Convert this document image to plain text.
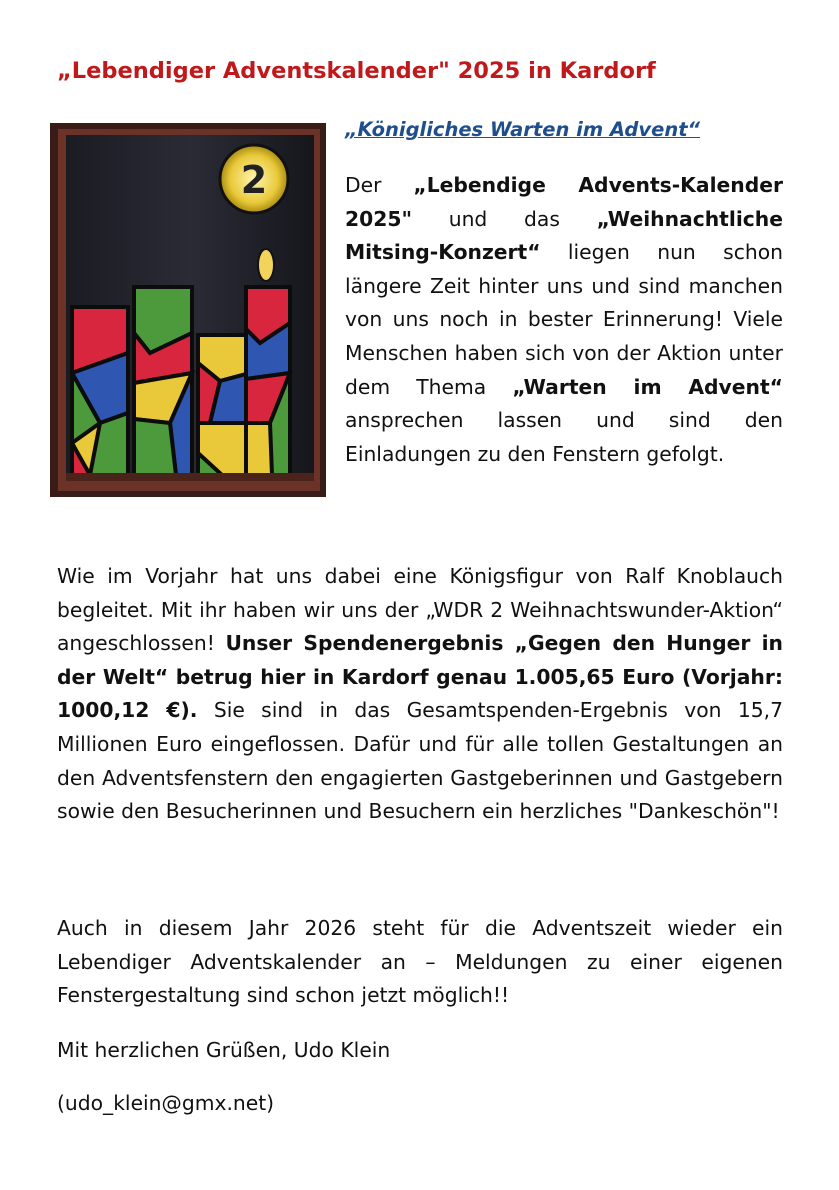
„Lebendiger Adventskalender" 2025 in Kardorf
2

„Königliches Warten im Advent“

Der „Lebendige Advents-Kalender 2025" und das „Weihnachtliche Mitsing-Konzert“ liegen nun schon längere Zeit hinter uns und sind manchen von uns noch in bester Erinnerung! Viele Menschen haben sich von der Aktion unter dem Thema „Warten im Advent“ ansprechen lassen und sind den Einladungen zu den Fenstern gefolgt.

Wie im Vorjahr hat uns dabei eine Königsfigur von Ralf Knoblauch begleitet. Mit ihr haben wir uns der „WDR 2 Weihnachtswunder-Aktion“ angeschlossen! Unser Spendenergebnis „Gegen den Hunger in der Welt“ betrug hier in Kardorf genau 1.005,65 Euro (Vorjahr: 1000,12 €). Sie sind in das Gesamtspenden-Ergebnis von 15,7 Millionen Euro eingeflossen. Dafür und für alle tollen Gestaltungen an den Adventsfenstern den engagierten Gastgeberinnen und Gastgebern sowie den Besucherinnen und Besuchern ein herzliches "Dankeschön"!

Auch in diesem Jahr 2026 steht für die Adventszeit wieder ein Lebendiger Adventskalender an – Meldungen zu einer eigenen Fenstergestaltung sind schon jetzt möglich!!

Mit herzlichen Grüßen, Udo Klein

(udo_klein@gmx.net)
